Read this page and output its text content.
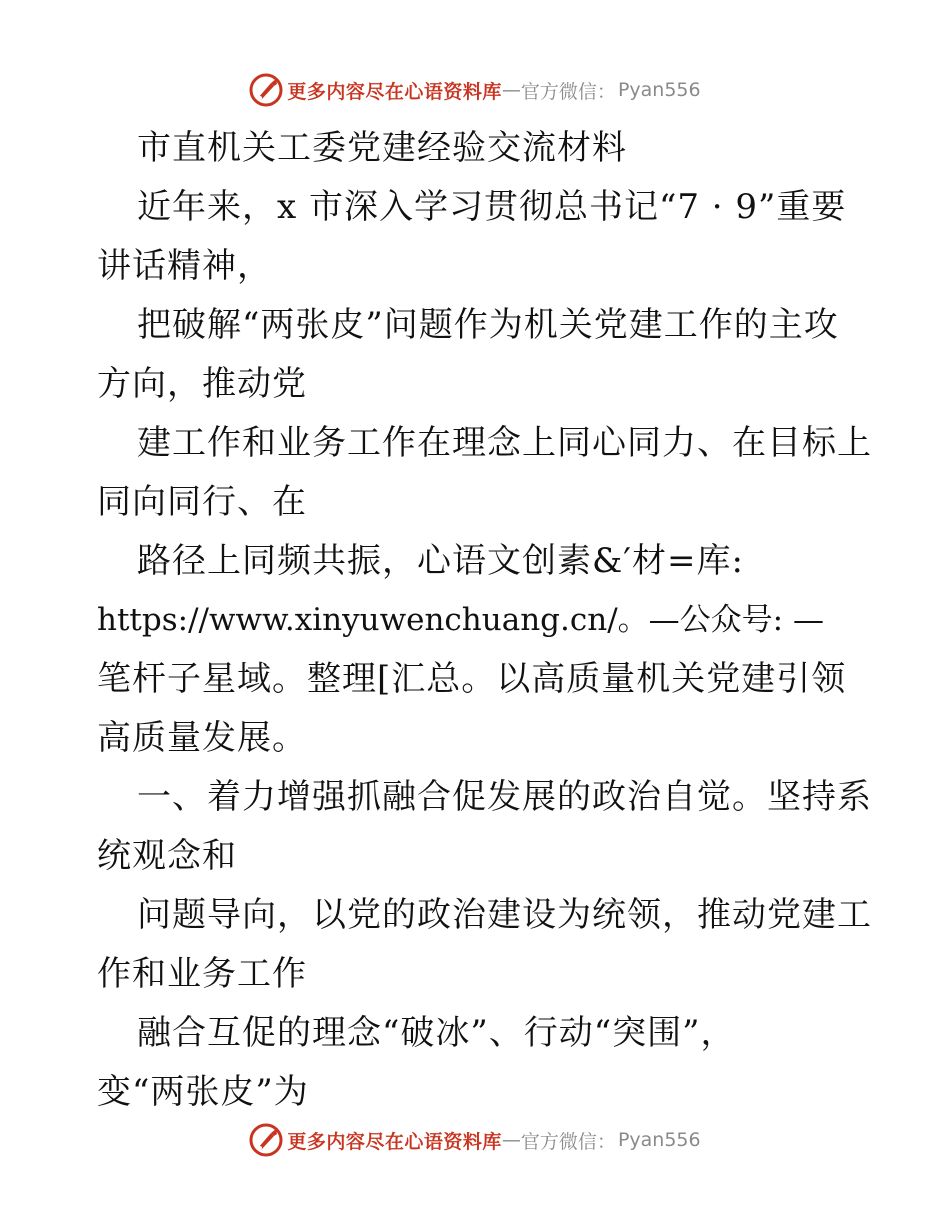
更多内容尽在心语资料库 — 官方微信： Pyan556
市直机关工委党建经验交流材料
近年来，x 市深入学习贯彻总书记“7 · 9”重要
讲话精神，
把破解“两张皮”问题作为机关党建工作的主攻
方向，推动党
建工作和业务工作在理念上同心同力、在目标上
同向同行、在
路径上同频共振，心语文创素&′材=库:
https://www.xinyuwenchuang.cn/。—公众号: —
笔杆子星域。整理[汇总。以高质量机关党建引领
高质量发展。
一、着力增强抓融合促发展的政治自觉。坚持系
统观念和
问题导向，以党的政治建设为统领，推动党建工
作和业务工作
融合互促的理念“破冰”、行动“突围”，
变“两张皮”为
更多内容尽在心语资料库 — 官方微信： Pyan556
